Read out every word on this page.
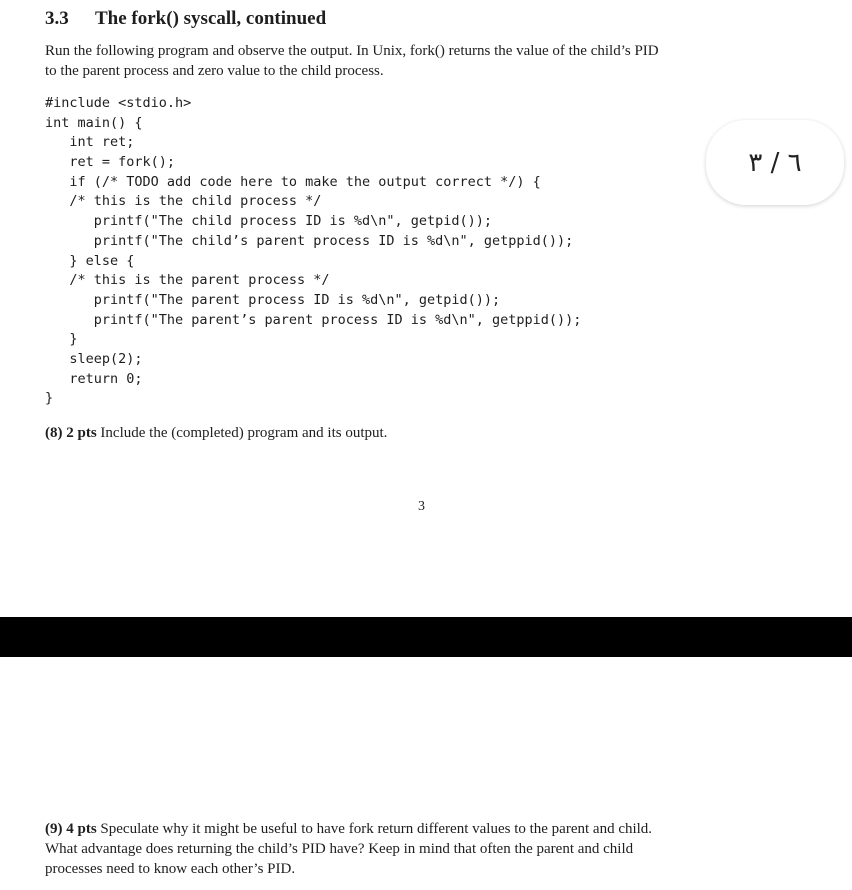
3.3 The fork() syscall, continued
Run the following program and observe the output. In Unix, fork() returns the value of the child’s PID
to the parent process and zero value to the child process.
#include <stdio.h>
int main() {
int ret;
ret = fork();
if (/* TODO add code here to make the output correct */) {
/* this is the child process */
printf("The child process ID is %d\n", getpid());
printf("The child’s parent process ID is %d\n", getppid());
} else {
/* this is the parent process */
printf("The parent process ID is %d\n", getpid());
printf("The parent’s parent process ID is %d\n", getppid());
}
sleep(2);
return 0;
}
(8) 2 pts Include the (completed) program and its output.
3
(9) 4 pts Speculate why it might be useful to have fork return different values to the parent and child.
What advantage does returning the child’s PID have? Keep in mind that often the parent and child
processes need to know each other’s PID.
٦ / ٣
